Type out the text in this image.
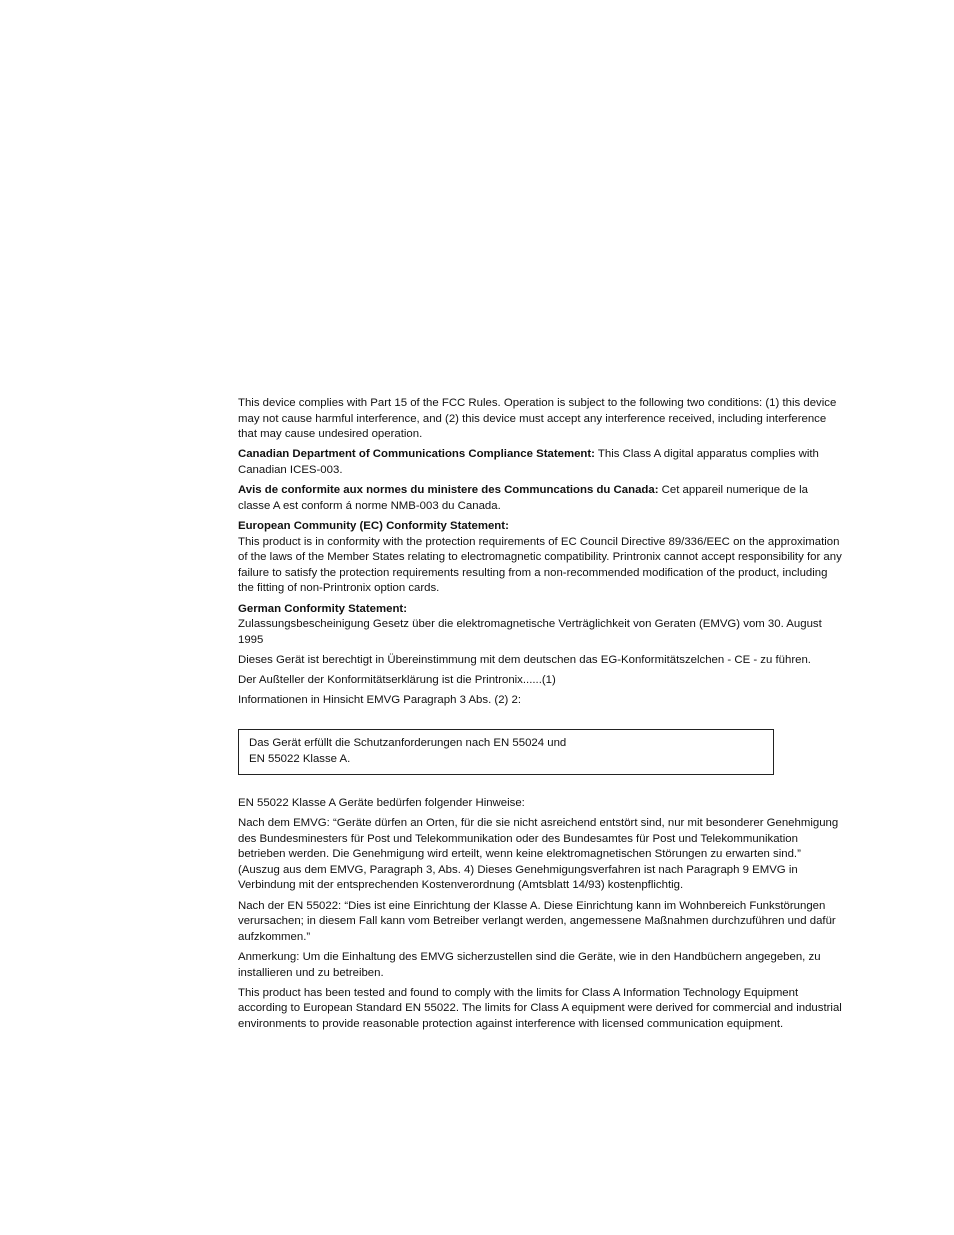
This device complies with Part 15 of the FCC Rules. Operation is subject to the following two conditions: (1) this device may not cause harmful interference, and (2) this device must accept any interference received, including interference that may cause undesired operation.

Canadian Department of Communications Compliance Statement: This Class A digital apparatus complies with Canadian ICES-003.

Avis de conformite aux normes du ministere des Communcations du Canada: Cet appareil numerique de la classe A est conform á norme NMB-003 du Canada.

European Community (EC) Conformity Statement:
This product is in conformity with the protection requirements of EC Council Directive 89/336/EEC on the approximation of the laws of the Member States relating to electromagnetic compatibility. Printronix cannot accept responsibility for any failure to satisfy the protection requirements resulting from a non-recommended modification of the product, including the fitting of non-Printronix option cards.

German Conformity Statement:
Zulassungsbescheinigung Gesetz über die elektromagnetische Verträglichkeit von Geraten (EMVG) vom 30. August 1995

Dieses Gerät ist berechtigt in Übereinstimmung mit dem deutschen das EG-Konformitätszelchen - CE - zu führen.

Der Außteller der Konformitätserklärung ist die Printronix......(1)

Informationen in Hinsicht EMVG Paragraph 3 Abs. (2) 2:

Das Gerät erfüllt die Schutzanforderungen nach EN 55024 und
EN 55022 Klasse A.

EN 55022 Klasse A Geräte bedürfen folgender Hinweise:

Nach dem EMVG: “Geräte dürfen an Orten, für die sie nicht asreichend entstört sind, nur mit besonderer Genehmigung des Bundesminesters für Post und Telekommunikation oder des Bundesamtes für Post und Telekommunikation betrieben werden. Die Genehmigung wird erteilt, wenn keine elektromagnetischen Störungen zu erwarten sind.” (Auszug aus dem EMVG, Paragraph 3, Abs. 4) Dieses Genehmigungsverfahren ist nach Paragraph 9 EMVG in Verbindung mit der entsprechenden Kostenverordnung (Amtsblatt 14/93) kostenpflichtig.

Nach der EN 55022: “Dies ist eine Einrichtung der Klasse A. Diese Einrichtung kann im Wohnbereich Funkstörungen verursachen; in diesem Fall kann vom Betreiber verlangt werden, angemessene Maßnahmen durchzuführen und dafür aufzkommen.”

Anmerkung: Um die Einhaltung des EMVG sicherzustellen sind die Geräte, wie in den Handbüchern angegeben, zu installieren und zu betreiben.

This product has been tested and found to comply with the limits for Class A Information Technology Equipment according to European Standard EN 55022. The limits for Class A equipment were derived for commercial and industrial environments to provide reasonable protection against interference with licensed communication equipment.
